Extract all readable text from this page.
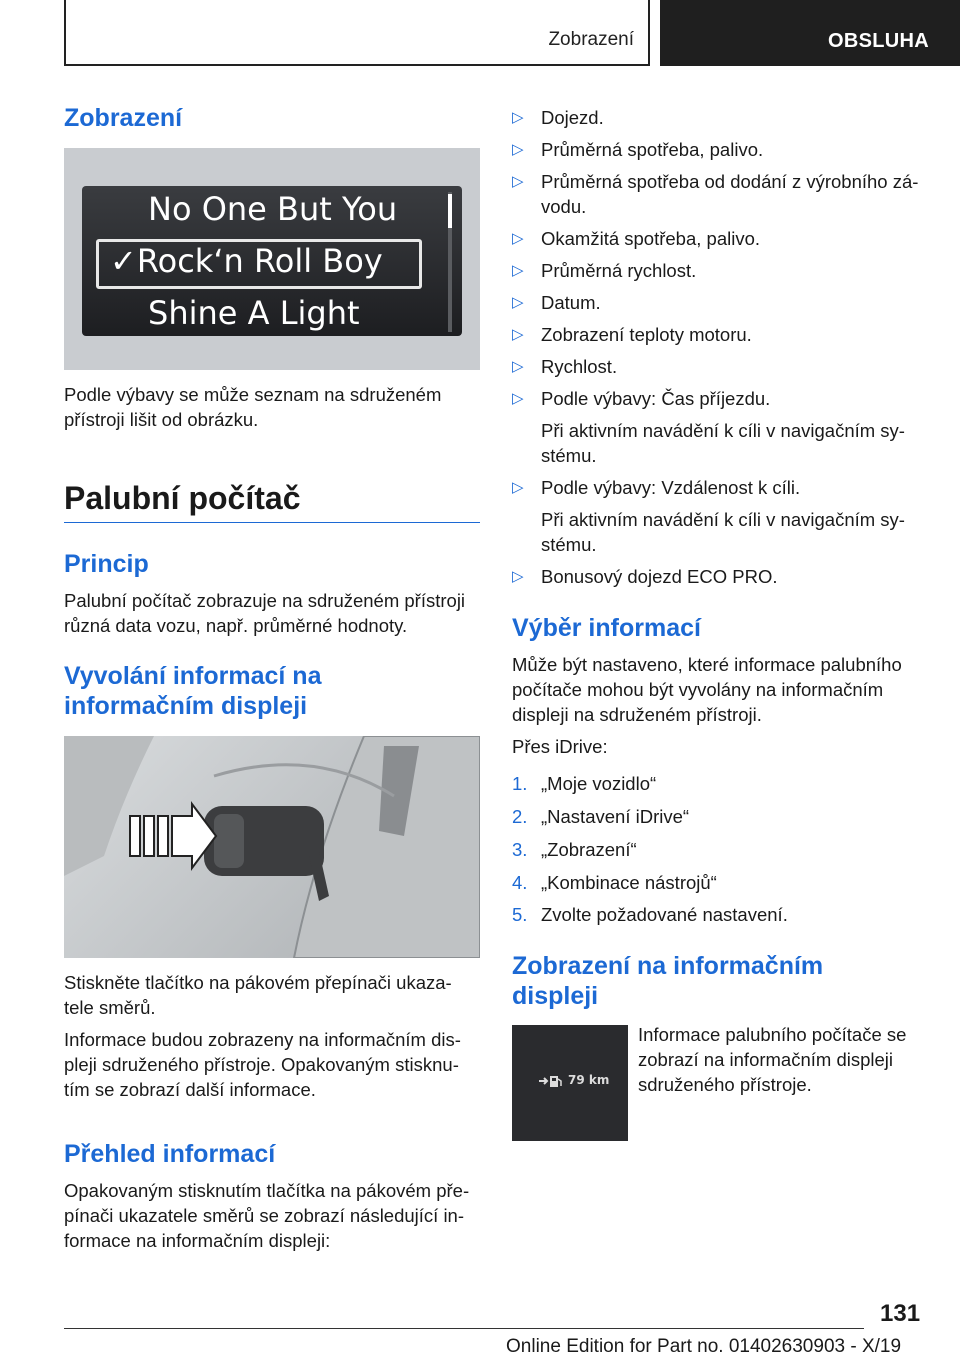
Zobrazení	OBSLUHA
Zobrazení
No One But You
✓Rock‘n Roll Boy
Shine A Light
Podle výbavy se může seznam na sdruženém
přístroji lišit od obrázku.
Palubní počítač
Princip
Palubní počítač zobrazuje na sdruženém přístroji
různá data vozu, např. průměrné hodnoty.
Vyvolání informací na
informačním displeji
Stiskněte tlačítko na pákovém přepínači ukaza‐
tele směrů.
Informace budou zobrazeny na informačním dis‐
pleji sdruženého přístroje. Opakovaným stisknu‐
tím se zobrazí další informace.
Přehled informací
Opakovaným stisknutím tlačítka na pákovém pře‐
pínači ukazatele směrů se zobrazí následující in‐
formace na informačním displeji:
▷ Dojezd.
▷ Průměrná spotřeba, palivo.
▷ Průměrná spotřeba od dodání z výrobního zá‐
vodu.
▷ Okamžitá spotřeba, palivo.
▷ Průměrná rychlost.
▷ Datum.
▷ Zobrazení teploty motoru.
▷ Rychlost.
▷ Podle výbavy: Čas příjezdu.
Při aktivním navádění k cíli v navigačním sy‐
stému.
▷ Podle výbavy: Vzdálenost k cíli.
Při aktivním navádění k cíli v navigačním sy‐
stému.
▷ Bonusový dojezd ECO PRO.
Výběr informací
Může být nastaveno, které informace palubního
počítače mohou být vyvolány na informačním
displeji na sdruženém přístroji.
Přes iDrive:
1. „Moje vozidlo“
2. „Nastavení iDrive“
3. „Zobrazení“
4. „Kombinace nástrojů“
5. Zvolte požadované nastavení.
Zobrazení na informačním
displeji
79 km
Informace palubního počítače se
zobrazí na informačním displeji
sdruženého přístroje.
131
Online Edition for Part no. 01402630903 - X/19
